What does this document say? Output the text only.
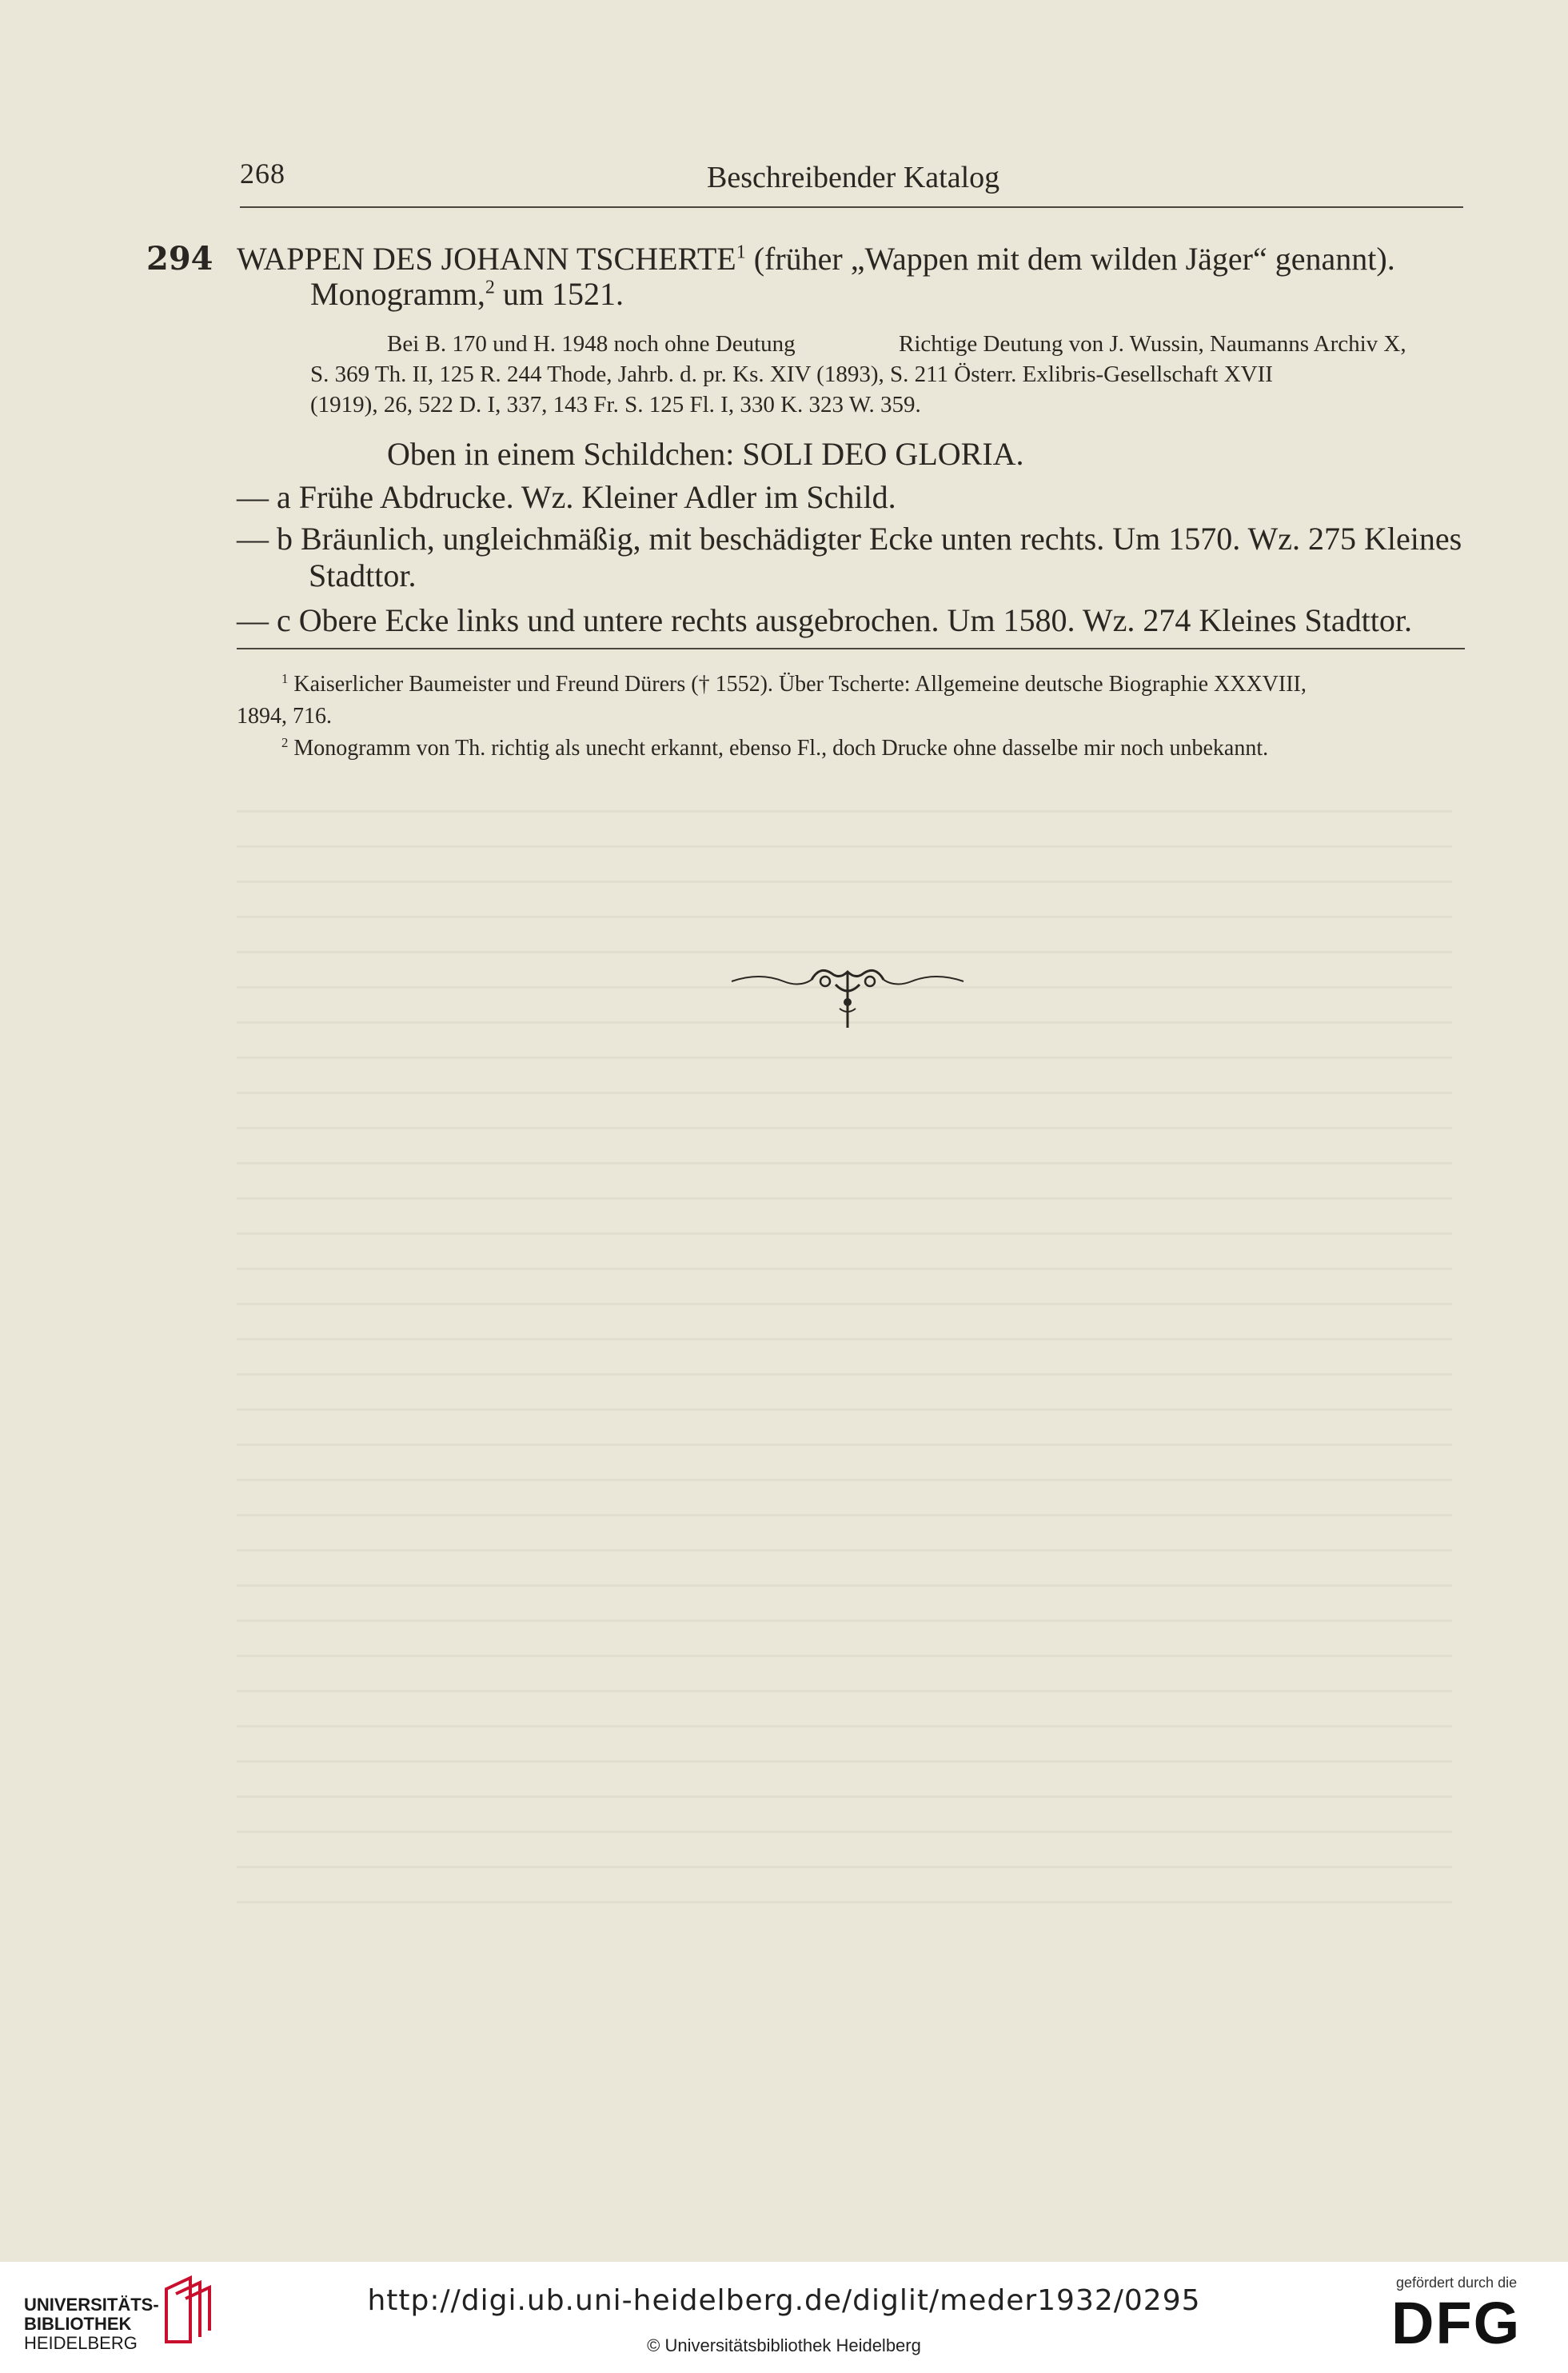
268	Beschreibender Katalog
294 WAPPEN DES JOHANN TSCHERTE$^1$ (früher „Wappen mit dem wilden Jäger“ genannt).
Monogramm,$^2$ um 1521.
Bei B. 170 und H. 1948 noch ohne Deutung	Richtige Deutung von J. Wussin, Naumanns Archiv X,
S. 369 Th. II, 125 R. 244 Thode, Jahrb. d. pr. Ks. XIV (1893), S. 211 Österr. Exlibris-Gesellschaft XVII
(1919), 26, 522 D. I, 337, 143 Fr. S. 125 Fl. I, 330 K. 323 W. 359.
Oben in einem Schildchen: SOLI DEO GLORIA.
— a Frühe Abdrucke. Wz. Kleiner Adler im Schild.
— b Bräunlich, ungleichmäßig, mit beschädigter Ecke unten rechts. Um 1570. Wz. 275 Kleines
Stadttor.
— c Obere Ecke links und untere rechts ausgebrochen. Um 1580. Wz. 274 Kleines Stadttor.
$^1$ Kaiserlicher Baumeister und Freund Dürers († 1552). Über Tscherte: Allgemeine deutsche Biographie XXXVIII,
1894, 716.
$^2$ Monogramm von Th. richtig als unecht erkannt, ebenso Fl., doch Drucke ohne dasselbe mir noch unbekannt.
UNIVERSITÄTS-
BIBLIOTHEK
HEIDELBERG
http://digi.ub.uni-heidelberg.de/diglit/meder1932/0295
© Universitätsbibliothek Heidelberg
gefördert durch die
DFG
